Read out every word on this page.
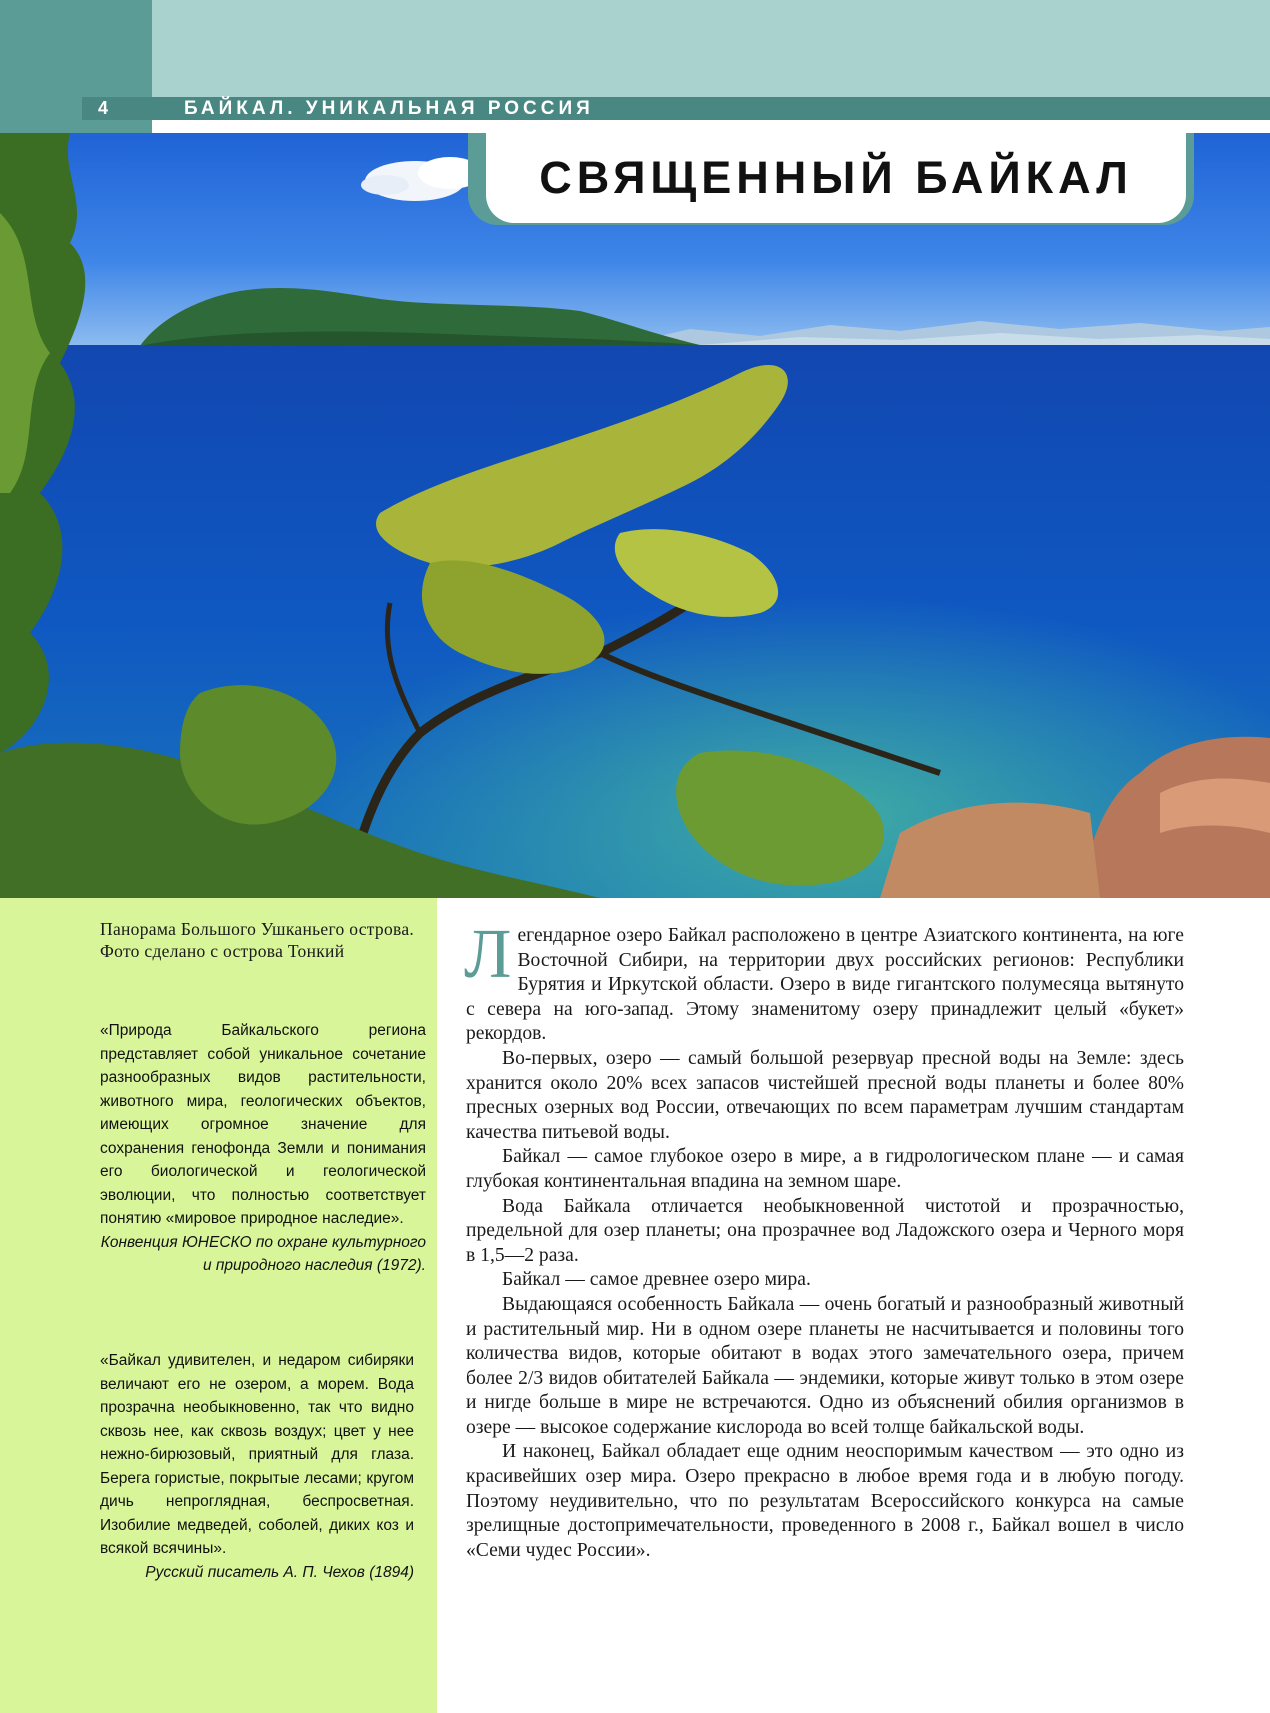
4	БАЙКАЛ. УНИКАЛЬНАЯ РОССИЯ
СВЯЩЕННЫЙ БАЙКАЛ
Панорама Большого Ушканьего острова. Фото сделано с острова Тонкий
«Природа Байкальского региона представляет собой уникальное сочетание разнообразных видов растительности, животного мира, геологических объектов, имеющих огромное значение для сохранения генофонда Земли и понимания его биологической и геологической эволюции, что полностью соответствует понятию «мировое природное наследие».
Конвенция ЮНЕСКО по охране культурного и природного наследия (1972).
«Байкал удивителен, и недаром сибиряки величают его не озером, а морем. Вода прозрачна необыкновенно, так что видно сквозь нее, как сквозь воздух; цвет у нее нежно-бирюзовый, приятный для глаза. Берега гористые, покрытые лесами; кругом дичь непроглядная, беспросветная. Изобилие медведей, соболей, диких коз и всякой всячины».
Русский писатель А. П. Чехов (1894)

Легендарное озеро Байкал расположено в центре Азиатского континента, на юге Восточной Сибири, на территории двух российских регионов: Республики Бурятия и Иркутской области. Озеро в виде гигантского полумесяца вытянуто с севера на юго-запад. Этому знаменитому озеру принадлежит целый «букет» рекордов.

Во-первых, озеро — самый большой резервуар пресной воды на Земле: здесь хранится около 20% всех запасов чистейшей пресной воды планеты и более 80% пресных озерных вод России, отвечающих по всем параметрам лучшим стандартам качества питьевой воды.

Байкал — самое глубокое озеро в мире, а в гидрологическом плане — и самая глубокая континентальная впадина на земном шаре.

Вода Байкала отличается необыкновенной чистотой и прозрачностью, предельной для озер планеты; она прозрачнее вод Ладожского озера и Черного моря в 1,5—2 раза.

Байкал — самое древнее озеро мира.

Выдающаяся особенность Байкала — очень богатый и разнообразный животный и растительный мир. Ни в одном озере планеты не насчитывается и половины того количества видов, которые обитают в водах этого замечательного озера, причем более 2/3 видов обитателей Байкала — эндемики, которые живут только в этом озере и нигде больше в мире не встречаются. Одно из объяснений обилия организмов в озере — высокое содержание кислорода во всей толще байкальской воды.

И наконец, Байкал обладает еще одним неоспоримым качеством — это одно из красивейших озер мира. Озеро прекрасно в любое время года и в любую погоду. Поэтому неудивительно, что по результатам Всероссийского конкурса на самые зрелищные достопримечательности, проведенного в 2008 г., Байкал вошел в число «Семи чудес России».
